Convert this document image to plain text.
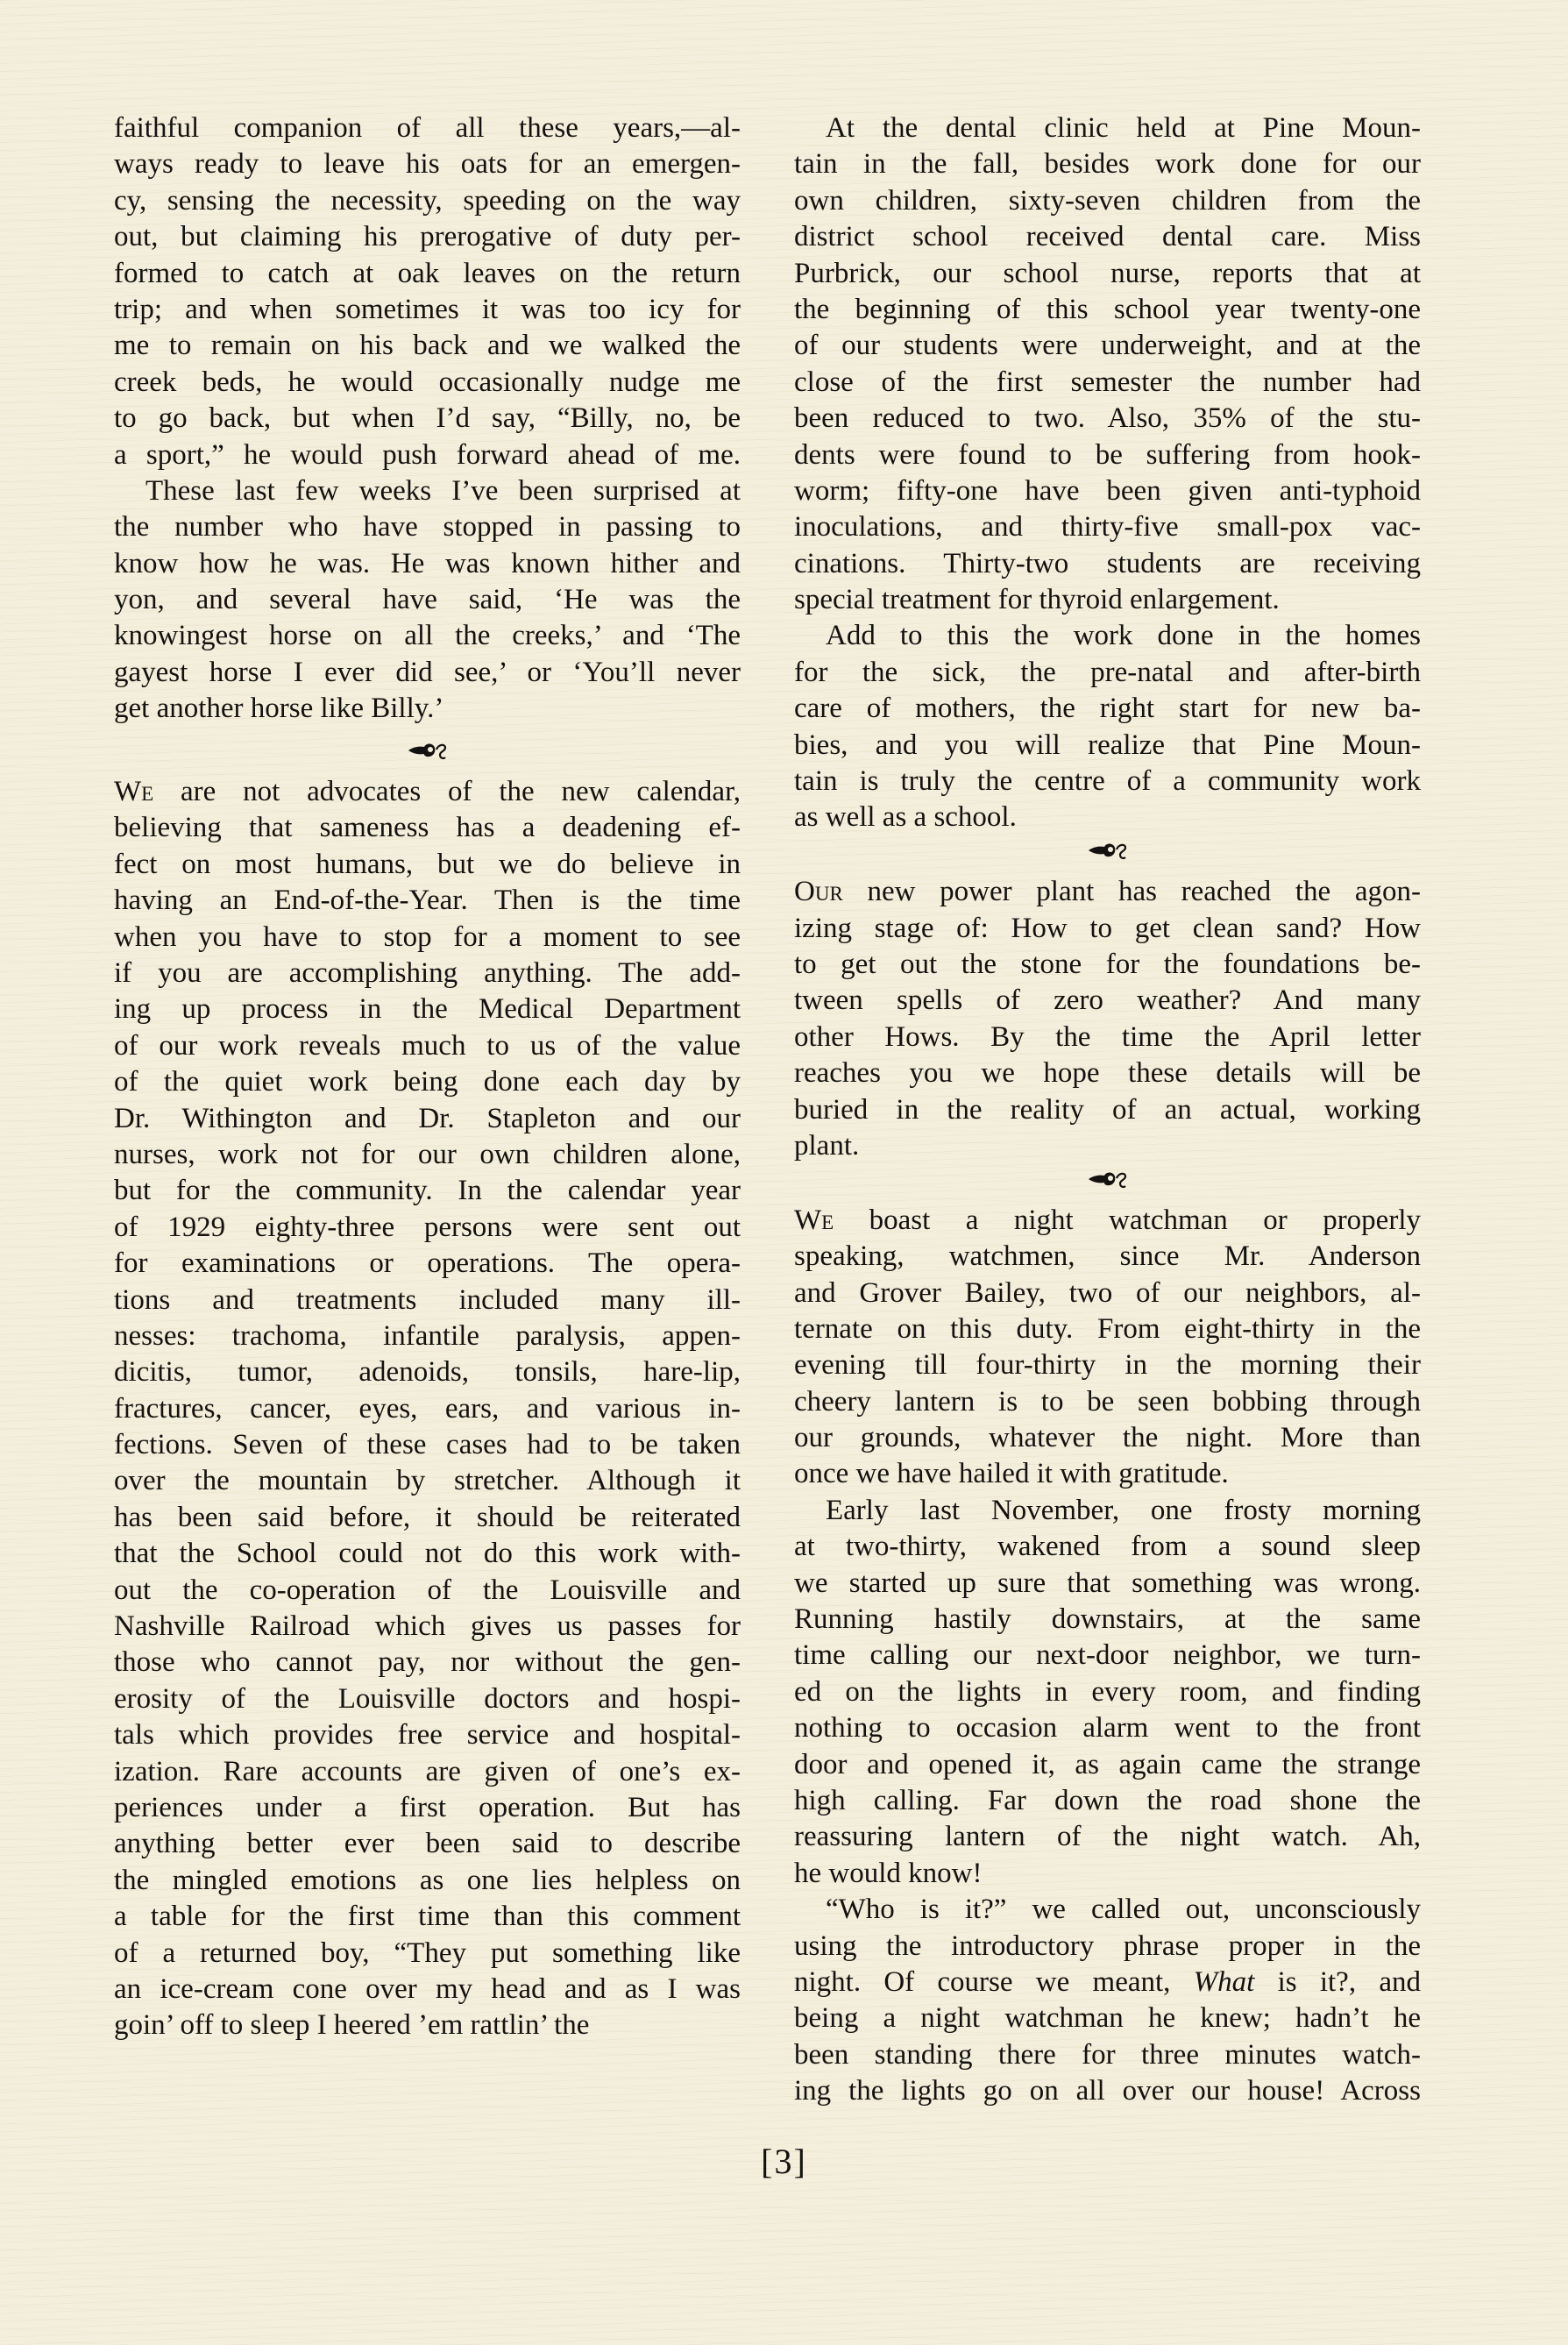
faithful companion of all these years,—al-
ways ready to leave his oats for an emergen-
cy, sensing the necessity, speeding on the way
out, but claiming his prerogative of duty per-
formed to catch at oak leaves on the return
trip; and when sometimes it was too icy for
me to remain on his back and we walked the
creek beds, he would occasionally nudge me
to go back, but when I’d say, “Billy, no, be
a sport,” he would push forward ahead of me.
These last few weeks I’ve been surprised at
the number who have stopped in passing to
know how he was. He was known hither and
yon, and several have said, ‘He was the
knowingest horse on all the creeks,’ and ‘The
gayest horse I ever did see,’ or ‘You’ll never
get another horse like Billy.’
We are not advocates of the new calendar,
believing that sameness has a deadening ef-
fect on most humans, but we do believe in
having an End-of-the-Year. Then is the time
when you have to stop for a moment to see
if you are accomplishing anything. The add-
ing up process in the Medical Department
of our work reveals much to us of the value
of the quiet work being done each day by
Dr. Withington and Dr. Stapleton and our
nurses, work not for our own children alone,
but for the community. In the calendar year
of 1929 eighty-three persons were sent out
for examinations or operations. The opera-
tions and treatments included many ill-
nesses: trachoma, infantile paralysis, appen-
dicitis, tumor, adenoids, tonsils, hare-lip,
fractures, cancer, eyes, ears, and various in-
fections. Seven of these cases had to be taken
over the mountain by stretcher. Although it
has been said before, it should be reiterated
that the School could not do this work with-
out the co-operation of the Louisville and
Nashville Railroad which gives us passes for
those who cannot pay, nor without the gen-
erosity of the Louisville doctors and hospi-
tals which provides free service and hospital-
ization. Rare accounts are given of one’s ex-
periences under a first operation. But has
anything better ever been said to describe
the mingled emotions as one lies helpless on
a table for the first time than this comment
of a returned boy, “They put something like
an ice-cream cone over my head and as I was
goin’ off to sleep I heered ’em rattlin’ the
At the dental clinic held at Pine Moun-
tain in the fall, besides work done for our
own children, sixty-seven children from the
district school received dental care. Miss
Purbrick, our school nurse, reports that at
the beginning of this school year twenty-one
of our students were underweight, and at the
close of the first semester the number had
been reduced to two. Also, 35% of the stu-
dents were found to be suffering from hook-
worm; fifty-one have been given anti-typhoid
inoculations, and thirty-five small-pox vac-
cinations. Thirty-two students are receiving
special treatment for thyroid enlargement.
Add to this the work done in the homes
for the sick, the pre-natal and after-birth
care of mothers, the right start for new ba-
bies, and you will realize that Pine Moun-
tain is truly the centre of a community work
as well as a school.
Our new power plant has reached the agon-
izing stage of: How to get clean sand? How
to get out the stone for the foundations be-
tween spells of zero weather? And many
other Hows. By the time the April letter
reaches you we hope these details will be
buried in the reality of an actual, working
plant.
We boast a night watchman or properly
speaking, watchmen, since Mr. Anderson
and Grover Bailey, two of our neighbors, al-
ternate on this duty. From eight-thirty in the
evening till four-thirty in the morning their
cheery lantern is to be seen bobbing through
our grounds, whatever the night. More than
once we have hailed it with gratitude.
Early last November, one frosty morning
at two-thirty, wakened from a sound sleep
we started up sure that something was wrong.
Running hastily downstairs, at the same
time calling our next-door neighbor, we turn-
ed on the lights in every room, and finding
nothing to occasion alarm went to the front
door and opened it, as again came the strange
high calling. Far down the road shone the
reassuring lantern of the night watch. Ah,
he would know!
“Who is it?” we called out, unconsciously
using the introductory phrase proper in the
night. Of course we meant, What is it?, and
being a night watchman he knew; hadn’t he
been standing there for three minutes watch-
ing the lights go on all over our house! Across
[3]
